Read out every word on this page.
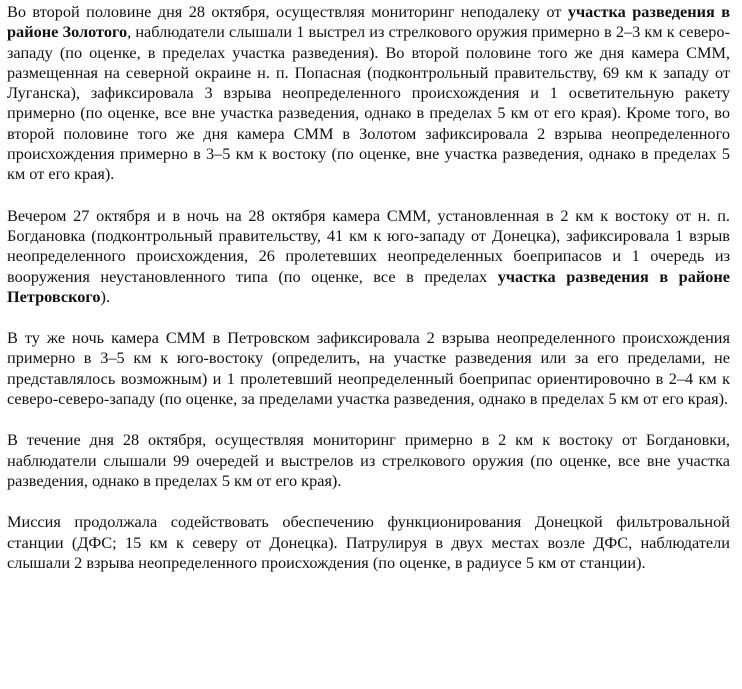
Во второй половине дня 28 октября, осуществляя мониторинг неподалеку от участка разведения в районе Золотого, наблюдатели слышали 1 выстрел из стрелкового оружия примерно в 2–3 км к северо-западу (по оценке, в пределах участка разведения). Во второй половине того же дня камера СММ, размещенная на северной окраине н. п. Попасная (подконтрольный правительству, 69 км к западу от Луганска), зафиксировала 3 взрыва неопределенного происхождения и 1 осветительную ракету примерно (по оценке, все вне участка разведения, однако в пределах 5 км от его края). Кроме того, во второй половине того же дня камера СММ в Золотом зафиксировала 2 взрыва неопределенного происхождения примерно в 3–5 км к востоку (по оценке, вне участка разведения, однако в пределах 5 км от его края).

Вечером 27 октября и в ночь на 28 октября камера СММ, установленная в 2 км к востоку от н. п. Богдановка (подконтрольный правительству, 41 км к юго-западу от Донецка), зафиксировала 1 взрыв неопределенного происхождения, 26 пролетевших неопределенных боеприпасов и 1 очередь из вооружения неустановленного типа (по оценке, все в пределах участка разведения в районе Петровского).

В ту же ночь камера СММ в Петровском зафиксировала 2 взрыва неопределенного происхождения примерно в 3–5 км к юго-востоку (определить, на участке разведения или за его пределами, не представлялось возможным) и 1 пролетевший неопределенный боеприпас ориентировочно в 2–4 км к северо-северо-западу (по оценке, за пределами участка разведения, однако в пределах 5 км от его края).

В течение дня 28 октября, осуществляя мониторинг примерно в 2 км к востоку от Богдановки, наблюдатели слышали 99 очередей и выстрелов из стрелкового оружия (по оценке, все вне участка разведения, однако в пределах 5 км от его края).

Миссия продолжала содействовать обеспечению функционирования Донецкой фильтровальной станции (ДФС; 15 км к северу от Донецка). Патрулируя в двух местах возле ДФС, наблюдатели слышали 2 взрыва неопределенного происхождения (по оценке, в радиусе 5 км от станции).
